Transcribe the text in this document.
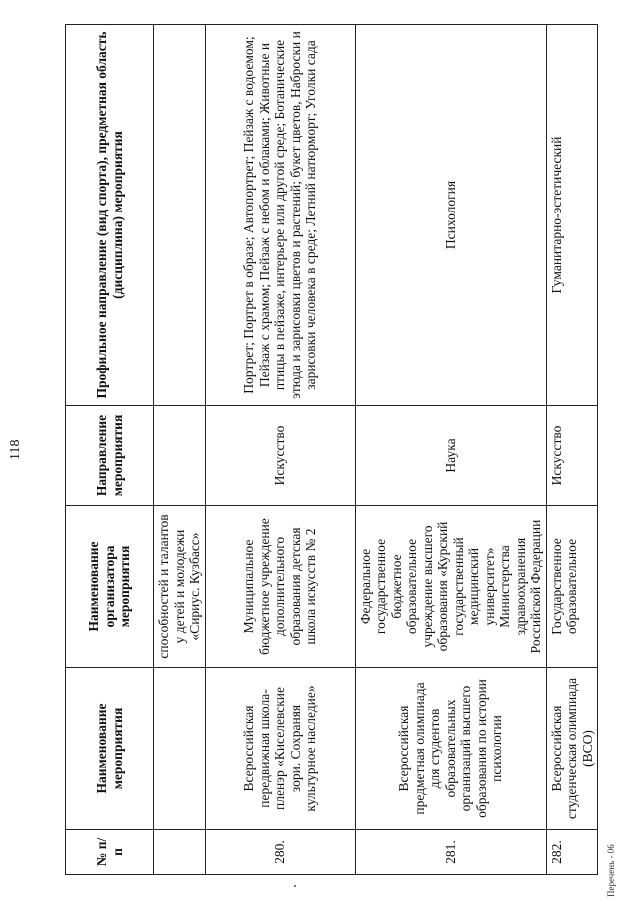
118
№ п/п	Наименование мероприятия	Наименование организатора мероприятия	Направление мероприятия	Профильное направление (вид спорта), предметная область (дисциплина) мероприятия
		способностей и талантов у детей и молодежи «Сириус. Кузбасс»		
280.	Всероссийская передвижная школа-пленэр «Киселевские зори. Сохраняя культурное наследие»	Муниципальное бюджетное учреждение дополнительного образования детская школа искусств № 2	Искусство	Портрет; Портрет в образе; Автопортрет; Пейзаж с водоемом; Пейзаж с храмом; Пейзаж с небом и облаками; Животные и птицы в пейзаже, интерьере или другой среде; Ботанические этюда и зарисовки цветов и растений; букет цветов, Наброски и зарисовки человека в среде; Летний натюрморт; Уголки сада
281.	Всероссийская предметная олимпиада для студентов образовательных организаций высшего образования по истории психологии	Федеральное государственное бюджетное образовательное учреждение высшего образования «Курский государственный медицинский университет» Министерства здравоохранения Российской Федерации	Наука	Психология
282.	Всероссийская студенческая олимпиада (ВСО)	Государственное образовательное	Искусство	Гуманитарно-эстетический
Перечень - 06
